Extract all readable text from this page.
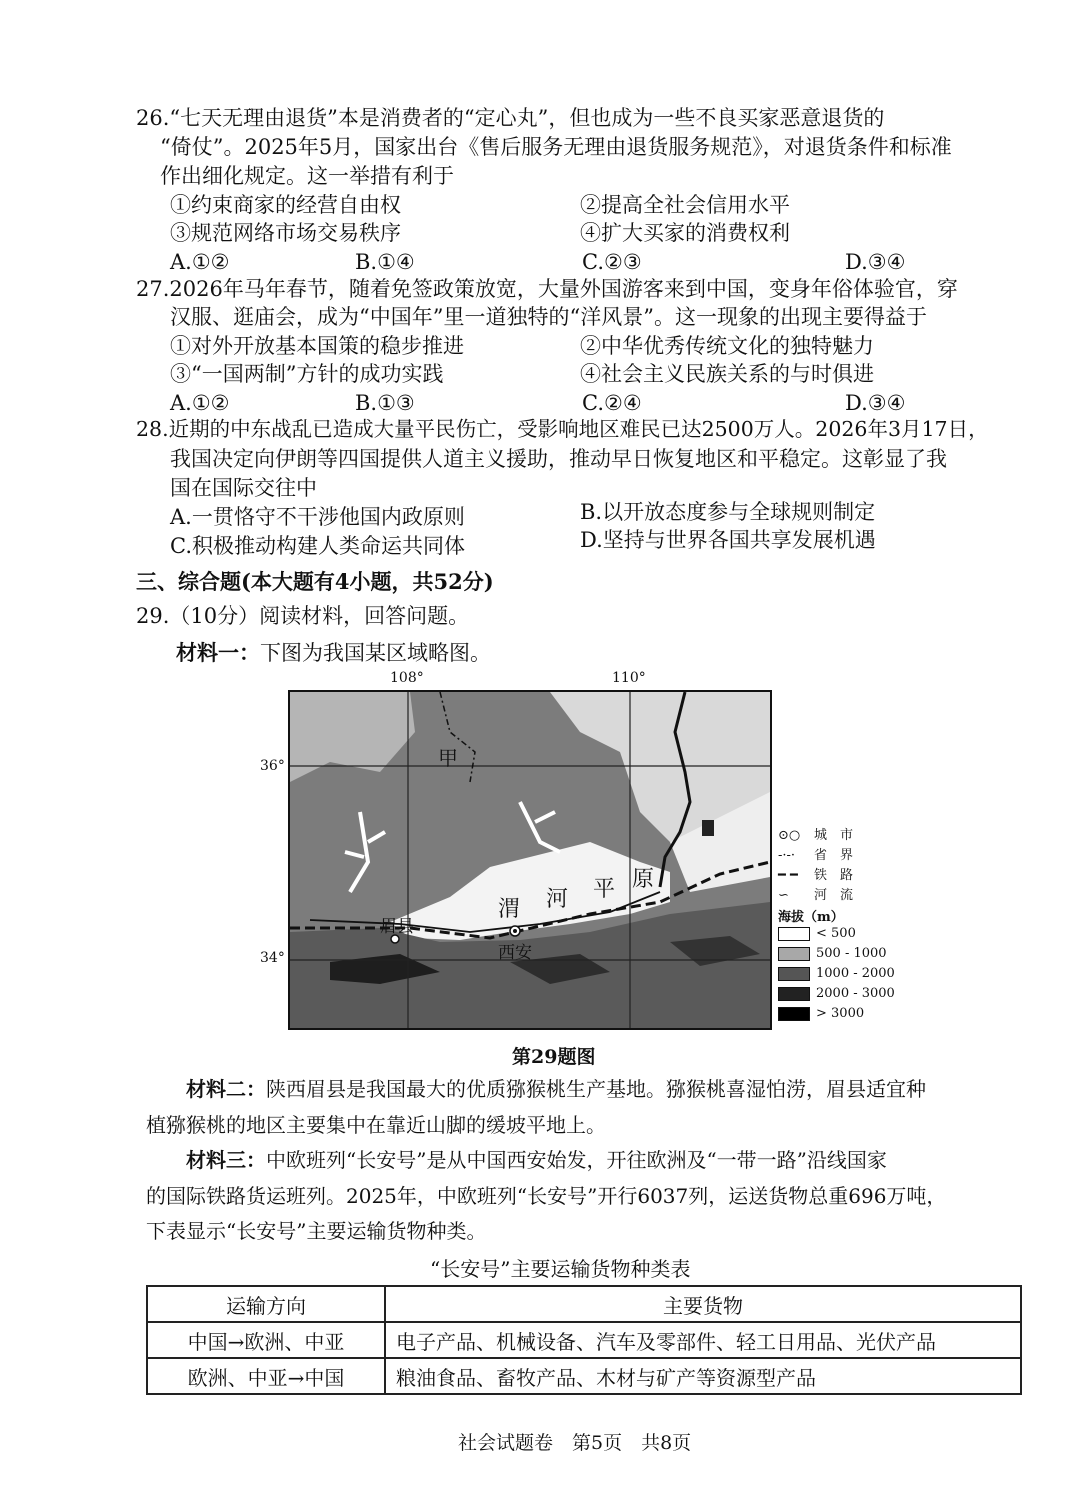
26.“七天无理由退货”本是消费者的“定心丸”，但也成为一些不良买家恶意退货的
“倚仗”。2025年5月，国家出台《售后服务无理由退货服务规范》，对退货条件和标准
作出细化规定。这一举措有利于
①约束商家的经营自由权	②提高全社会信用水平
③规范网络市场交易秩序	④扩大买家的消费权利
A.①②	B.①④	C.②③	D.③④
27.2026年马年春节，随着免签政策放宽，大量外国游客来到中国，变身年俗体验官，穿
汉服、逛庙会，成为“中国年”里一道独特的“洋风景”。这一现象的出现主要得益于
①对外开放基本国策的稳步推进	②中华优秀传统文化的独特魅力
③“一国两制”方针的成功实践	④社会主义民族关系的与时俱进
A.①②	B.①③	C.②④	D.③④
28.近期的中东战乱已造成大量平民伤亡，受影响地区难民已达2500万人。2026年3月17日，
我国决定向伊朗等四国提供人道主义援助，推动早日恢复地区和平稳定。这彰显了我
国在国际交往中
A.一贯恪守不干涉他国内政原则	B.以开放态度参与全球规则制定
C.积极推动构建人类命运共同体	D.坚持与世界各国共享发展机遇
三、综合题(本大题有4小题，共52分)
29.（10分）阅读材料，回答问题。
材料一：下图为我国某区域略图。
108°	110°
36°
34°
甲
渭 河 平 原
眉县
西安
⊙○ 城　市
-·-· 省　界
━ ━ 铁　路
∽ 河　流
海拔（m）
< 500
500 - 1000
1000 - 2000
2000 - 3000
> 3000
第29题图
材料二：陕西眉县是我国最大的优质猕猴桃生产基地。猕猴桃喜湿怕涝，眉县适宜种
植猕猴桃的地区主要集中在靠近山脚的缓坡平地上。
材料三：中欧班列“长安号”是从中国西安始发，开往欧洲及“一带一路”沿线国家
的国际铁路货运班列。2025年，中欧班列“长安号”开行6037列，运送货物总重696万吨，
下表显示“长安号”主要运输货物种类。
“长安号”主要运输货物种类表
运输方向	主要货物
中国→欧洲、中亚	电子产品、机械设备、汽车及零部件、轻工日用品、光伏产品
欧洲、中亚→中国	粮油食品、畜牧产品、木材与矿产等资源型产品
社会试题卷　第5页　共8页
